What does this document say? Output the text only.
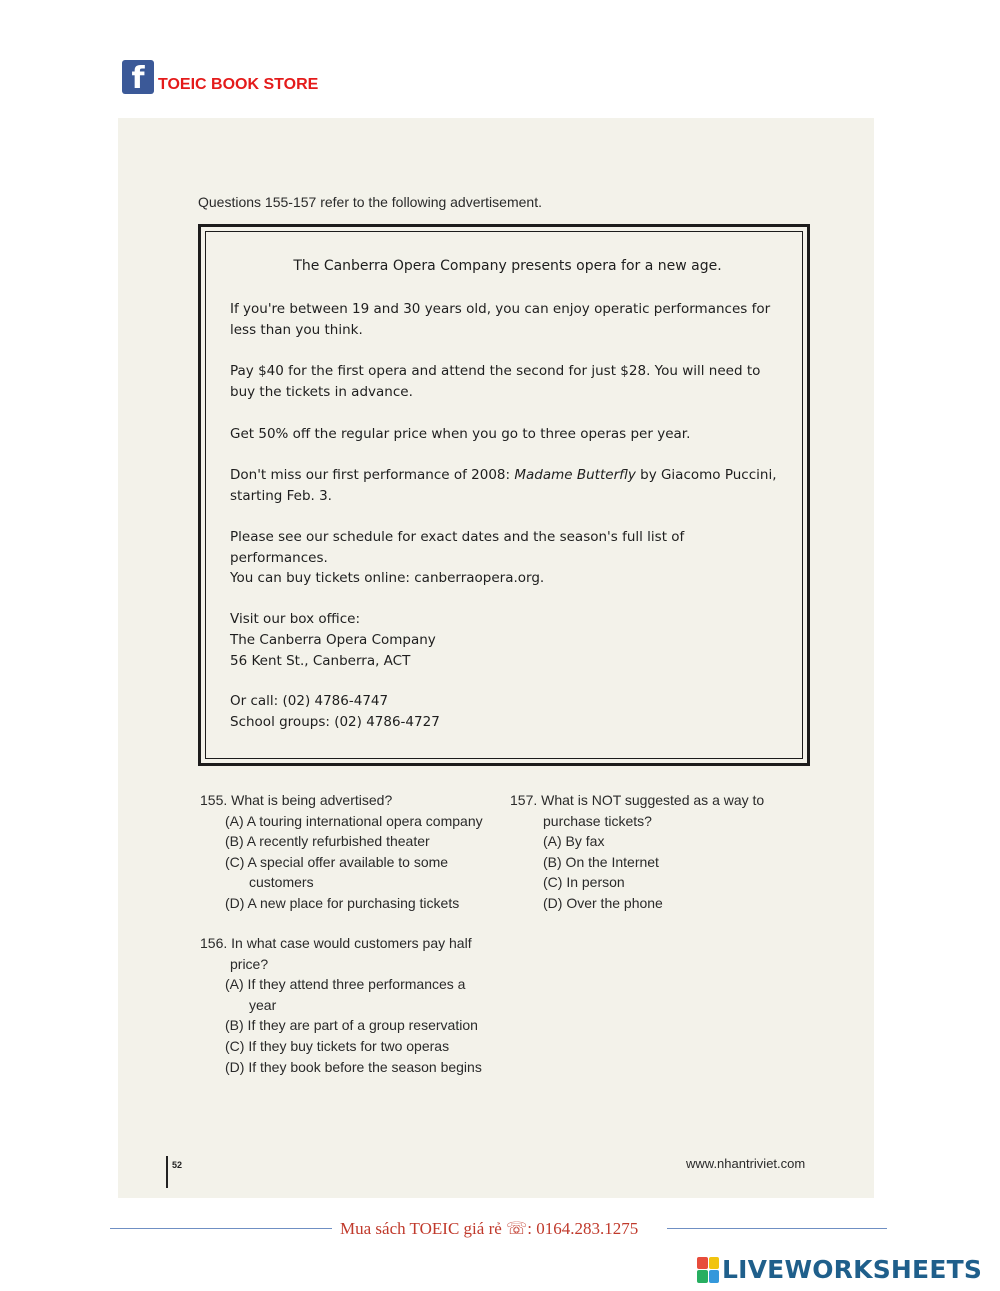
f TOEIC BOOK STORE
Questions 155-157 refer to the following advertisement.
The Canberra Opera Company presents opera for a new age.
If you're between 19 and 30 years old, you can enjoy operatic performances for less than you think.
Pay $40 for the first opera and attend the second for just $28. You will need to buy the tickets in advance.
Get 50% off the regular price when you go to three operas per year.
Don't miss our first performance of 2008: Madame Butterfly by Giacomo Puccini, starting Feb. 3.
Please see our schedule for exact dates and the season's full list of performances.
You can buy tickets online: canberraopera.org.
Visit our box office:
The Canberra Opera Company
56 Kent St., Canberra, ACT
Or call: (02) 4786-4747
School groups: (02) 4786-4727
155. What is being advertised?
(A) A touring international opera company
(B) A recently refurbished theater
(C) A special offer available to some
customers
(D) A new place for purchasing tickets
156. In what case would customers pay half
price?
(A) If they attend three performances a
year
(B) If they are part of a group reservation
(C) If they buy tickets for two operas
(D) If they book before the season begins
157. What is NOT suggested as a way to
purchase tickets?
(A) By fax
(B) On the Internet
(C) In person
(D) Over the phone
52	www.nhantriviet.com
Mua sách TOEIC giá rẻ ☏: 0164.283.1275
LIVEWORKSHEETS
